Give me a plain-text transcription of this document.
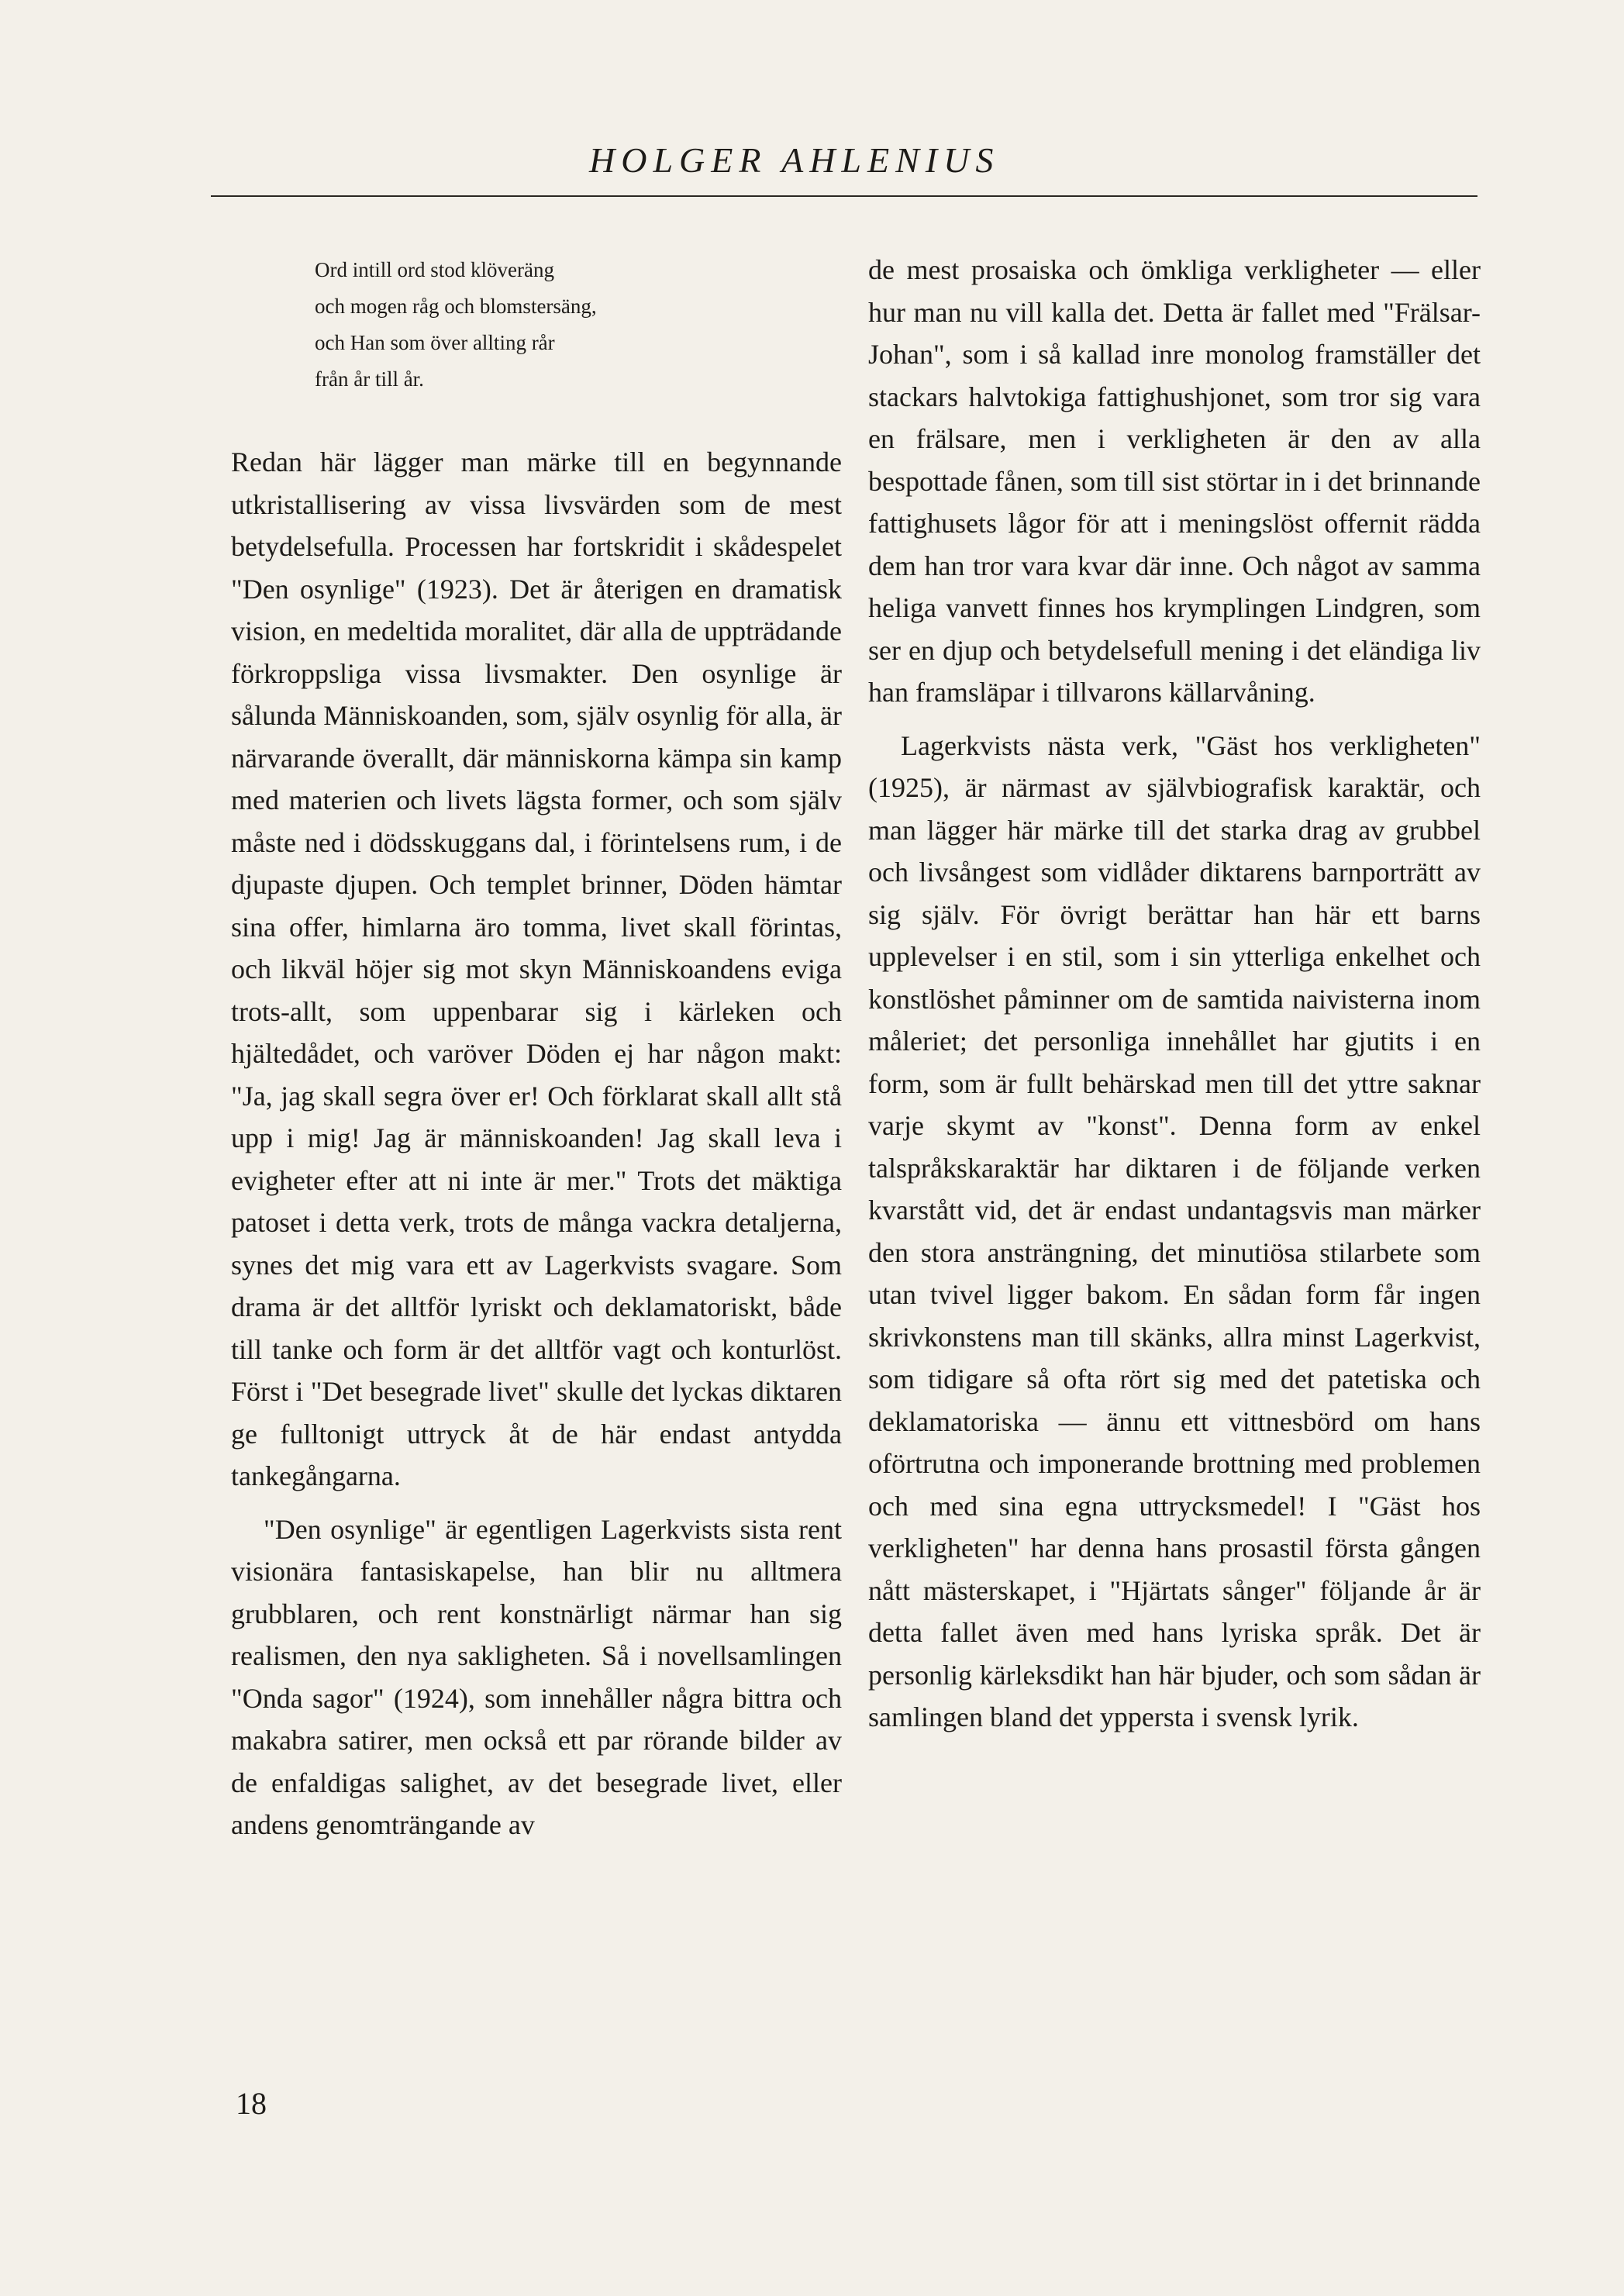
HOLGER AHLENIUS
Ord intill ord stod klöveräng
och mogen råg och blomstersäng,
och Han som över allting rår
från år till år.

Redan här lägger man märke till en begynnande utkristallisering av vissa livsvärden som de mest betydelsefulla. Processen har fortskridit i skådespelet "Den osynlige" (1923). Det är återigen en dramatisk vision, en medeltida moralitet, där alla de uppträdande förkroppsliga vissa livsmakter. Den osynlige är sålunda Människoanden, som, själv osynlig för alla, är närvarande överallt, där människorna kämpa sin kamp med materien och livets lägsta former, och som själv måste ned i dödsskuggans dal, i förintelsens rum, i de djupaste djupen. Och templet brinner, Döden hämtar sina offer, himlarna äro tomma, livet skall förintas, och likväl höjer sig mot skyn Människoandens eviga trots-allt, som uppenbarar sig i kärleken och hjältedådet, och varöver Döden ej har någon makt: "Ja, jag skall segra över er! Och förklarat skall allt stå upp i mig! Jag är människoanden! Jag skall leva i evigheter efter att ni inte är mer." Trots det mäktiga patoset i detta verk, trots de många vackra detaljerna, synes det mig vara ett av Lagerkvists svagare. Som drama är det alltför lyriskt och deklamatoriskt, både till tanke och form är det alltför vagt och konturlöst. Först i "Det besegrade livet" skulle det lyckas diktaren ge fulltonigt uttryck åt de här endast antydda tankegångarna.

"Den osynlige" är egentligen Lagerkvists sista rent visionära fantasiskapelse, han blir nu alltmera grubblaren, och rent konstnärligt närmar han sig realismen, den nya sakligheten. Så i novellsamlingen "Onda sagor" (1924), som innehåller några bittra och makabra satirer, men också ett par rörande bilder av de enfaldigas salighet, av det besegrade livet, eller andens genomträngande av

de mest prosaiska och ömkliga verkligheter — eller hur man nu vill kalla det. Detta är fallet med "Frälsar-Johan", som i så kallad inre monolog framställer det stackars halvtokiga fattighushjonet, som tror sig vara en frälsare, men i verkligheten är den av alla bespottade fånen, som till sist störtar in i det brinnande fattighusets lågor för att i meningslöst offernit rädda dem han tror vara kvar där inne. Och något av samma heliga vanvett finnes hos krymplingen Lindgren, som ser en djup och betydelsefull mening i det eländiga liv han framsläpar i tillvarons källarvåning.

Lagerkvists nästa verk, "Gäst hos verkligheten" (1925), är närmast av självbiografisk karaktär, och man lägger här märke till det starka drag av grubbel och livsångest som vidlåder diktarens barnporträtt av sig själv. För övrigt berättar han här ett barns upplevelser i en stil, som i sin ytterliga enkelhet och konstlöshet påminner om de samtida naivisterna inom måleriet; det personliga innehållet har gjutits i en form, som är fullt behärskad men till det yttre saknar varje skymt av "konst". Denna form av enkel talspråkskaraktär har diktaren i de följande verken kvarstått vid, det är endast undantagsvis man märker den stora ansträngning, det minutiösa stilarbete som utan tvivel ligger bakom. En sådan form får ingen skrivkonstens man till skänks, allra minst Lagerkvist, som tidigare så ofta rört sig med det patetiska och deklamatoriska — ännu ett vittnesbörd om hans oförtrutna och imponerande brottning med problemen och med sina egna uttrycksmedel! I "Gäst hos verkligheten" har denna hans prosastil första gången nått mästerskapet, i "Hjärtats sånger" följande år är detta fallet även med hans lyriska språk. Det är personlig kärleksdikt han här bjuder, och som sådan är samlingen bland det yppersta i svensk lyrik.

18
